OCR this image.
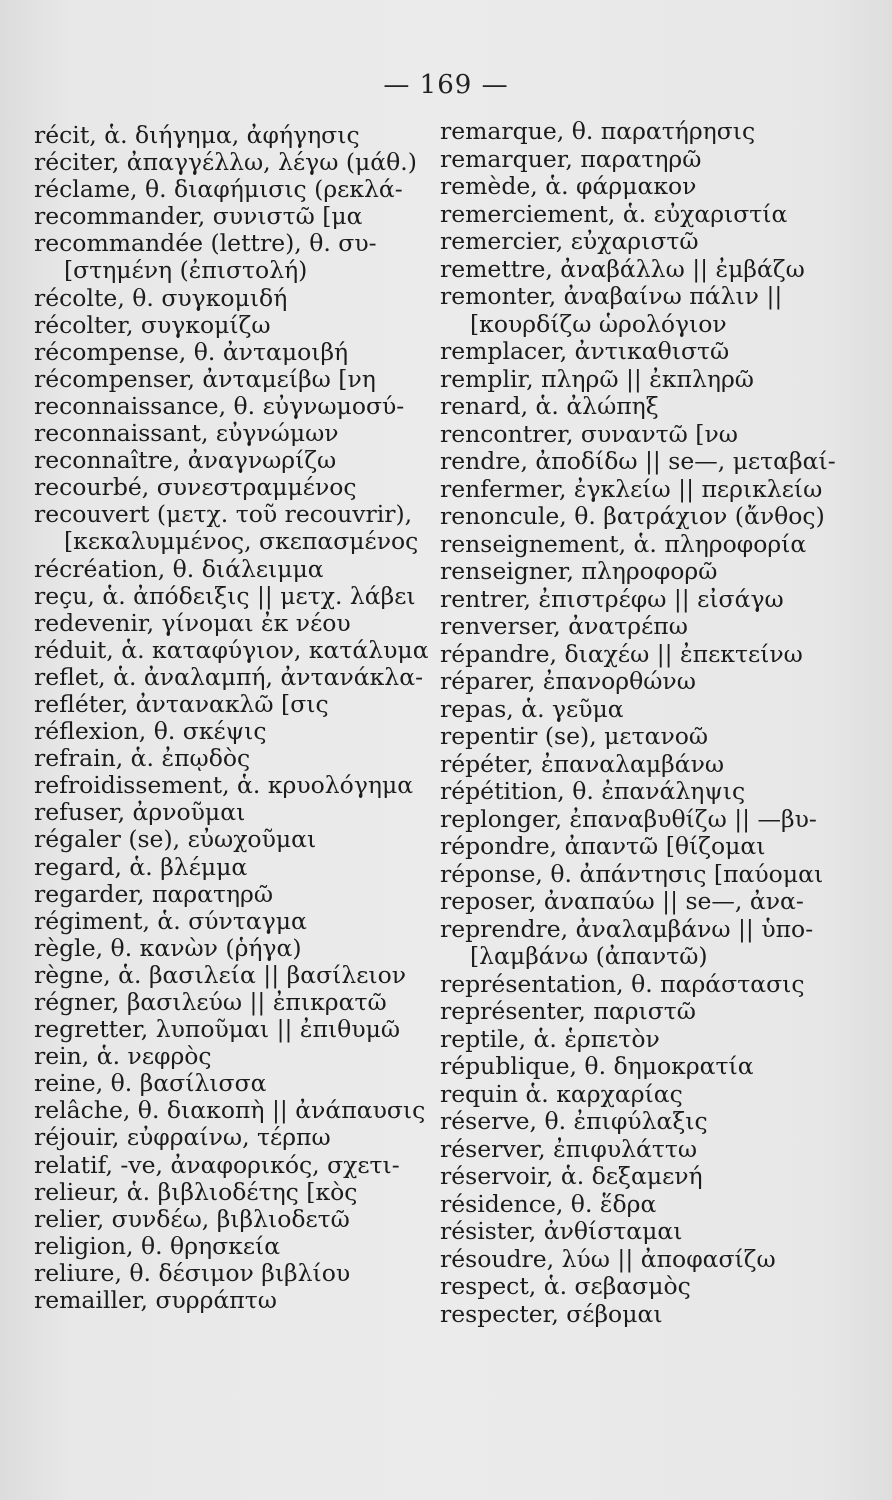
— 169 —
récit, ἁ. διήγημα, ἀφήγησις
réciter, ἀπαγγέλλω, λέγω (μάθ.)
réclame, θ. διαφήμισις (ρεκλά-
recommander, συνιστῶ [μα
recommandée (lettre), θ. συ-
[στημένη (ἐπιστολή)
récolte, θ. συγκομιδή
récolter, συγκομίζω
récompense, θ. ἀνταμοιβή
récompenser, ἀνταμείβω [νη
reconnaissance, θ. εὐγνωμοσύ-
reconnaissant, εὐγνώμων
reconnaître, ἀναγνωρίζω
recourbé, συνεστραμμένος
recouvert (μετχ. τοῦ recouvrir),
[κεκαλυμμένος, σκεπασμένος
récréation, θ. διάλειμμα
reçu, ἁ. ἀπόδειξις || μετχ. λάβει
redevenir, γίνομαι ἐκ νέου
réduit, ἁ. καταφύγιον, κατάλυμα
reflet, ἁ. ἀναλαμπή, ἀντανάκλα-
refléter, ἀντανακλῶ [σις
réflexion, θ. σκέψις
refrain, ἁ. ἐπῳδὸς
refroidissement, ἁ. κρυολόγημα
refuser, ἀρνοῦμαι
régaler (se), εὐωχοῦμαι
regard, ἁ. βλέμμα
regarder, παρατηρῶ
régiment, ἁ. σύνταγμα
règle, θ. κανὼν (ῥήγα)
règne, ἁ. βασιλεία || βασίλειον
régner, βασιλεύω || ἐπικρατῶ
regretter, λυποῦμαι || ἐπιθυμῶ
rein, ἁ. νεφρὸς
reine, θ. βασίλισσα
relâche, θ. διακοπὴ || ἀνάπαυσις
réjouir, εὐφραίνω, τέρπω
relatif, -ve, ἀναφορικός, σχετι-
relieur, ἁ. βιβλιοδέτης [κὸς
relier, συνδέω, βιβλιοδετῶ
religion, θ. θρησκεία
reliure, θ. δέσιμον βιβλίου
remailler, συρράπτω
remarque, θ. παρατήρησις
remarquer, παρατηρῶ
remède, ἁ. φάρμακον
remerciement, ἁ. εὐχαριστία
remercier, εὐχαριστῶ
remettre, ἀναβάλλω || ἐμβάζω
remonter, ἀναβαίνω πάλιν ||
[κουρδίζω ὡρολόγιον
remplacer, ἀντικαθιστῶ
remplir, πληρῶ || ἐκπληρῶ
renard, ἁ. ἀλώπηξ
rencontrer, συναντῶ [νω
rendre, ἀποδίδω || se—, μεταβαί-
renfermer, ἐγκλείω || περικλείω
renoncule, θ. βατράχιον (ἄνθος)
renseignement, ἁ. πληροφορία
renseigner, πληροφορῶ
rentrer, ἐπιστρέφω || εἰσάγω
renverser, ἀνατρέπω
répandre, διαχέω || ἐπεκτείνω
réparer, ἐπανορθώνω
repas, ἁ. γεῦμα
repentir (se), μετανοῶ
répéter, ἐπαναλαμβάνω
répétition, θ. ἐπανάληψις
replonger, ἐπαναβυθίζω || —βυ-
répondre, ἀπαντῶ [θίζομαι
réponse, θ. ἀπάντησις [παύομαι
reposer, ἀναπαύω || se—, ἀνα-
reprendre, ἀναλαμβάνω || ὑπο-
[λαμβάνω (ἀπαντῶ)
représentation, θ. παράστασις
représenter, παριστῶ
reptile, ἁ. ἑρπετὸν
république, θ. δημοκρατία
requin ἁ. καρχαρίας
réserve, θ. ἐπιφύλαξις
réserver, ἐπιφυλάττω
réservoir, ἁ. δεξαμενή
résidence, θ. ἕδρα
résister, ἀνθίσταμαι
résoudre, λύω || ἀποφασίζω
respect, ἁ. σεβασμὸς
respecter, σέβομαι
